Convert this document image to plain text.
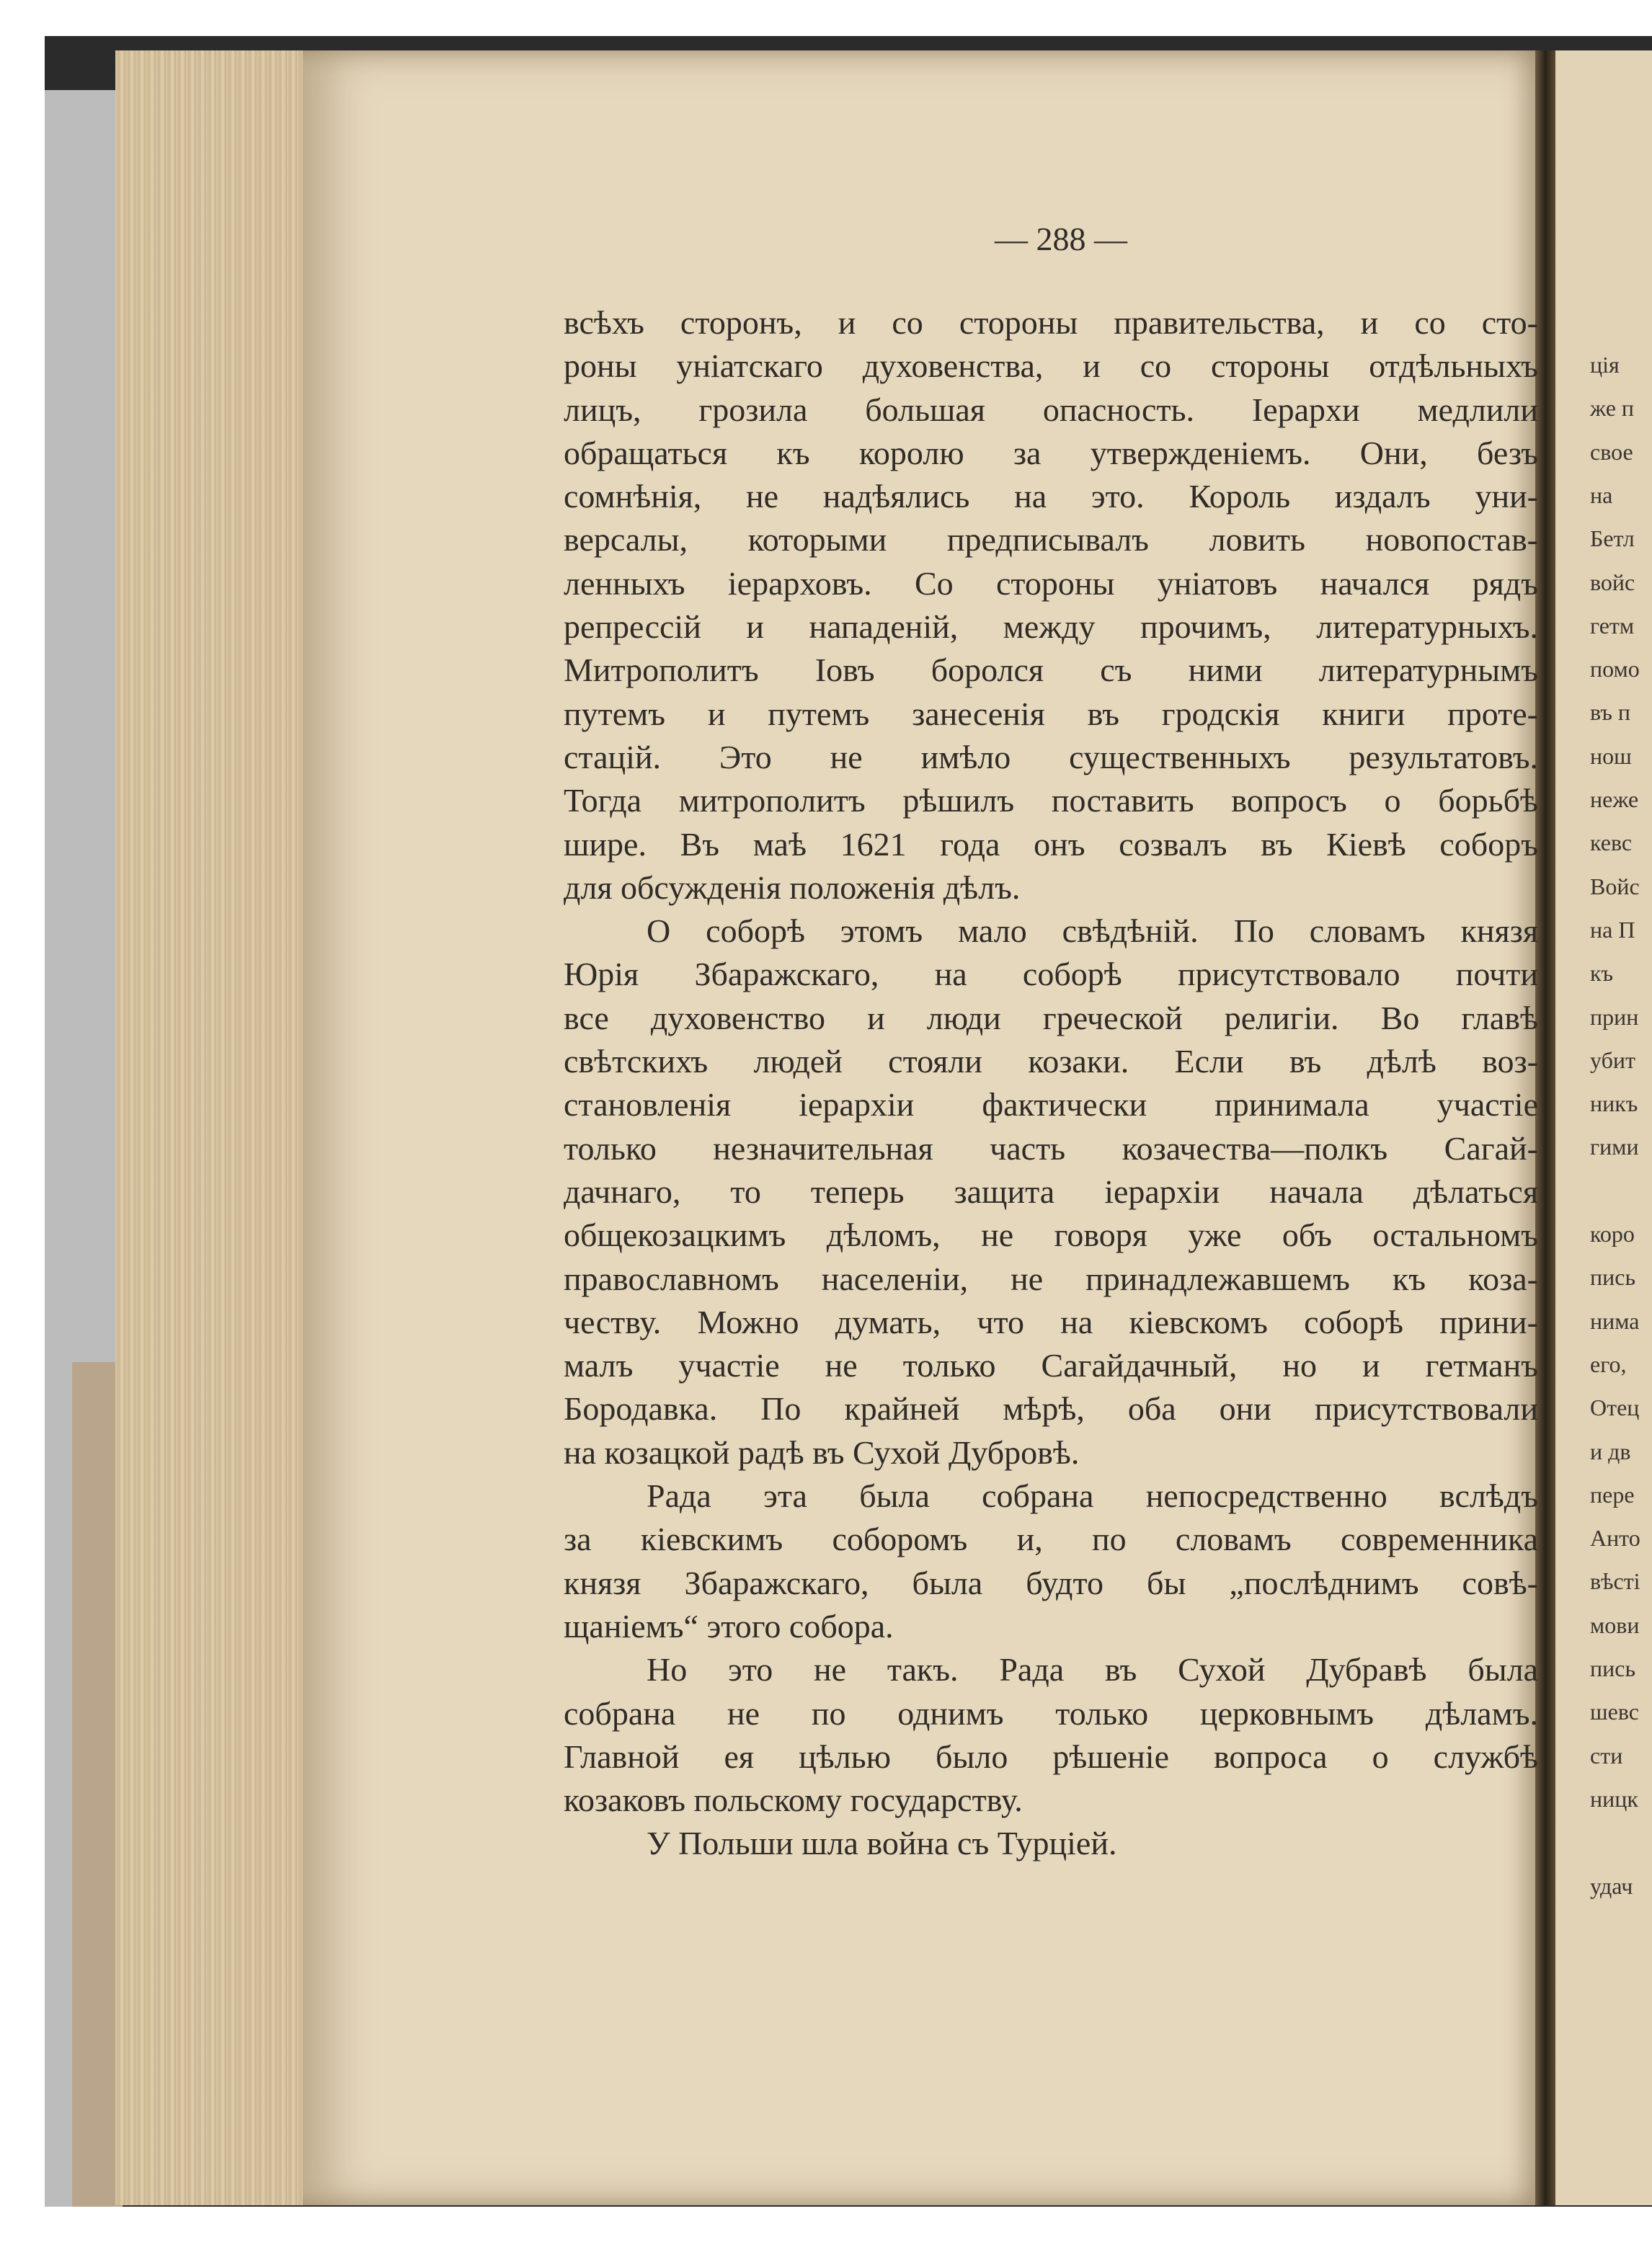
ція
же п
свое
на
Бетл
войс
гетм
помо
въ п
нош
неже
кевс
Войс
на П
къ
прин
убит
никъ
гими
коро
пись
нима
его,
Отец
и дв
пере
Анто
вѣсті
мови
пись
шевс
сти
ницк
удач
— 288 —
всѣхъ сторонъ, и со стороны правительства, и со сто-
роны уніатскаго духовенства, и со стороны отдѣльныхъ
лицъ, грозила большая опасность. Іерархи медлили
обращаться къ королю за утвержденіемъ. Они, безъ
сомнѣнія, не надѣялись на это. Король издалъ уни-
версалы, которыми предписывалъ ловить новопостав-
ленныхъ іерарховъ. Со стороны уніатовъ начался рядъ
репрессій и нападеній, между прочимъ, литературныхъ.
Митрополитъ Іовъ боролся съ ними литературнымъ
путемъ и путемъ занесенія въ гродскія книги проте-
стацій. Это не имѣло существенныхъ результатовъ.
Тогда митрополитъ рѣшилъ поставить вопросъ о борьбѣ
шире. Въ маѣ 1621 года онъ созвалъ въ Кіевѣ соборъ
для обсужденія положенія дѣлъ.
О соборѣ этомъ мало свѣдѣній. По словамъ князя
Юрія Збаражскаго, на соборѣ присутствовало почти
все духовенство и люди греческой религіи. Во главѣ
свѣтскихъ людей стояли козаки. Если въ дѣлѣ воз-
становленія іерархіи фактически принимала участіе
только незначительная часть козачества—полкъ Сагай-
дачнаго, то теперь защита іерархіи начала дѣлаться
общекозацкимъ дѣломъ, не говоря уже объ остальномъ
православномъ населеніи, не принадлежавшемъ къ коза-
честву. Можно думать, что на кіевскомъ соборѣ прини-
малъ участіе не только Сагайдачный, но и гетманъ
Бородавка. По крайней мѣрѣ, оба они присутствовали
на козацкой радѣ въ Сухой Дубровѣ.
Рада эта была собрана непосредственно вслѣдъ
за кіевскимъ соборомъ и, по словамъ современника
князя Збаражскаго, была будто бы „послѣднимъ совѣ-
щаніемъ“ этого собора.
Но это не такъ. Рада въ Сухой Дубравѣ была
собрана не по однимъ только церковнымъ дѣламъ.
Главной ея цѣлью было рѣшеніе вопроса о службѣ
козаковъ польскому государству.
У Польши шла война съ Турціей.
